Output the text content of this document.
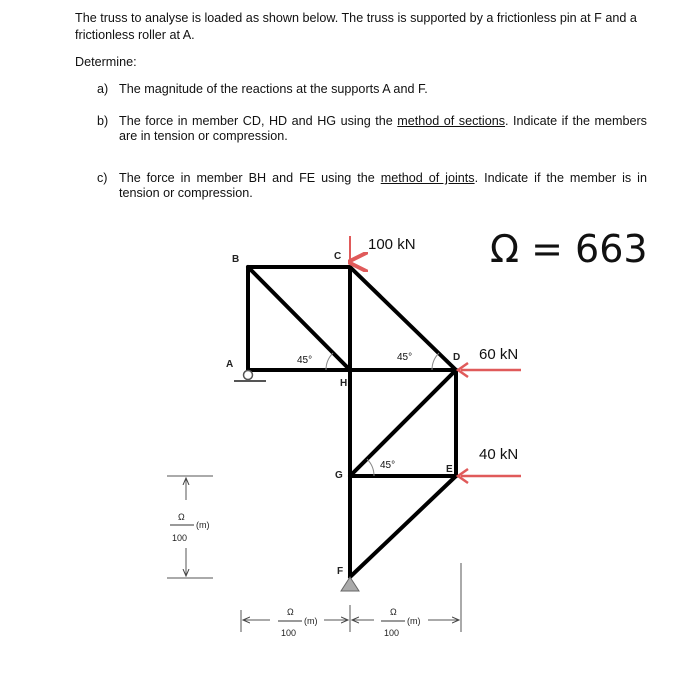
The truss to analyse is loaded as shown below. The truss is supported by a frictionless pin at F and a frictionless roller at A.
Determine:
a) The magnitude of the reactions at the supports A and F.
b) The force in member CD, HD and HG using the method of sections. Indicate if the members are in tension or compression.
c) The force in member BH and FE using the method of joints. Indicate if the member is in tension or compression.
Ω = 663
45°	45°
45°
100 kN
60 kN
40 kN
B	C
A
H
D
E
G
F
Ω
100
(m)
Ω
100
(m)
Ω
100
(m)
